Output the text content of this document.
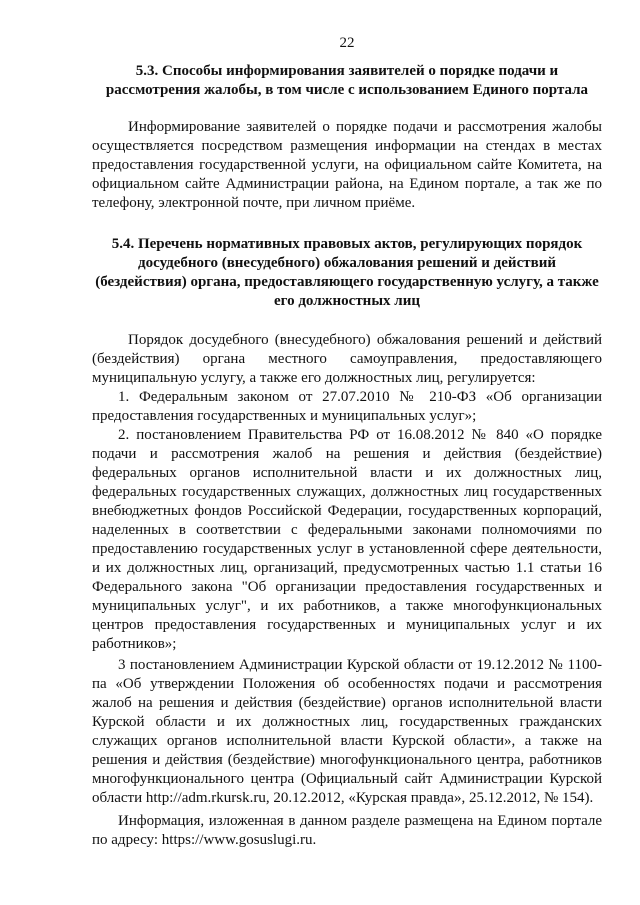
22

5.3. Способы информирования заявителей о порядке подачи и рассмотрения жалобы, в том числе с использованием Единого портала

Информирование заявителей о порядке подачи и рассмотрения жалобы осуществляется посредством размещения информации на стендах в местах предоставления государственной услуги, на официальном сайте Комитета, на официальном сайте Администрации района, на Едином портале, а так же по телефону, электронной почте, при личном приёме.

5.4. Перечень нормативных правовых актов, регулирующих порядок досудебного (внесудебного) обжалования решений и действий (бездействия) органа, предоставляющего государственную услугу, а также его должностных лиц

Порядок досудебного (внесудебного) обжалования решений и действий (бездействия) органа местного самоуправления, предоставляющего муниципальную услугу, а также его должностных лиц, регулируется:

1. Федеральным законом от 27.07.2010 № 210-ФЗ «Об организации предоставления государственных и муниципальных услуг»;

2. постановлением Правительства РФ от 16.08.2012 № 840 «О порядке подачи и рассмотрения жалоб на решения и действия (бездействие) федеральных органов исполнительной власти и их должностных лиц, федеральных государственных служащих, должностных лиц государственных внебюджетных фондов Российской Федерации, государственных корпораций, наделенных в соответствии с федеральными законами полномочиями по предоставлению государственных услуг в установленной сфере деятельности, и их должностных лиц, организаций, предусмотренных частью 1.1 статьи 16 Федерального закона "Об организации предоставления государственных и муниципальных услуг", и их работников, а также многофункциональных центров предоставления государственных и муниципальных услуг и их работников»;

3 постановлением Администрации Курской области от 19.12.2012 № 1100-па «Об утверждении Положения об особенностях подачи и рассмотрения жалоб на решения и действия (бездействие) органов исполнительной власти Курской области и их должностных лиц, государственных гражданских служащих органов исполнительной власти Курской области», а также на решения и действия (бездействие) многофункционального центра, работников многофункционального центра (Официальный сайт Администрации Курской области http://adm.rkursk.ru, 20.12.2012, «Курская правда», 25.12.2012, № 154).

Информация, изложенная в данном разделе размещена на Едином портале по адресу: https://www.gosuslugi.ru.
